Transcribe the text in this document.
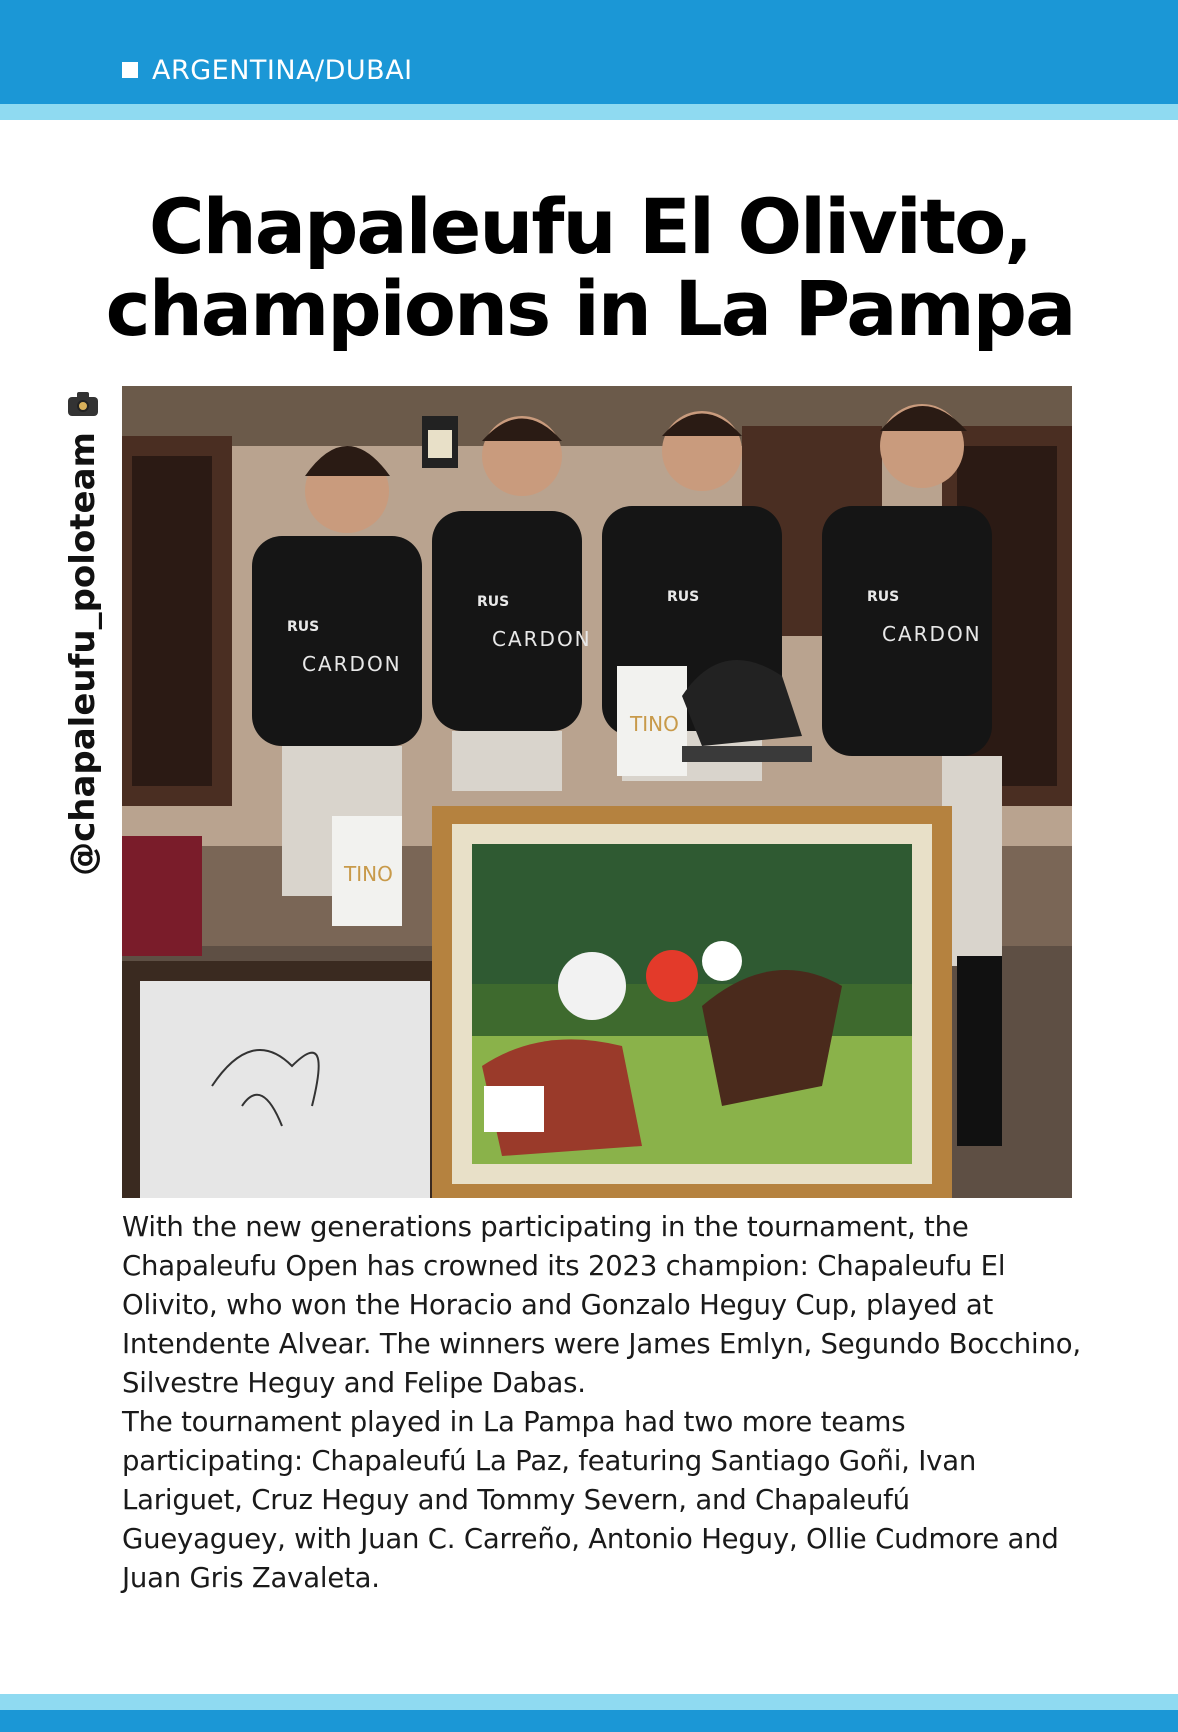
ARGENTINA/DUBAI
Chapaleufu El Olivito,
champions in La Pampa
@chapaleufu_poloteam	CARDON
CARDON	CARDON
RUS
RUS	RUS	RUS
TINO
TINO

With the new generations participating in the tournament, the Chapaleufu Open has crowned its 2023 champion: Chapaleufu El Olivito, who won the Horacio and Gonzalo Heguy Cup, played at Intendente Alvear. The winners were James Emlyn, Segundo Bocchino, Silvestre Heguy and Felipe Dabas.

The tournament played in La Pampa had two more teams participating: Chapaleufú La Paz, featuring Santiago Goñi, Ivan Lariguet, Cruz Heguy and Tommy Severn, and Chapaleufú Gueyaguey, with Juan C. Carreño, Antonio Heguy, Ollie Cudmore and Juan Gris Zavaleta.
